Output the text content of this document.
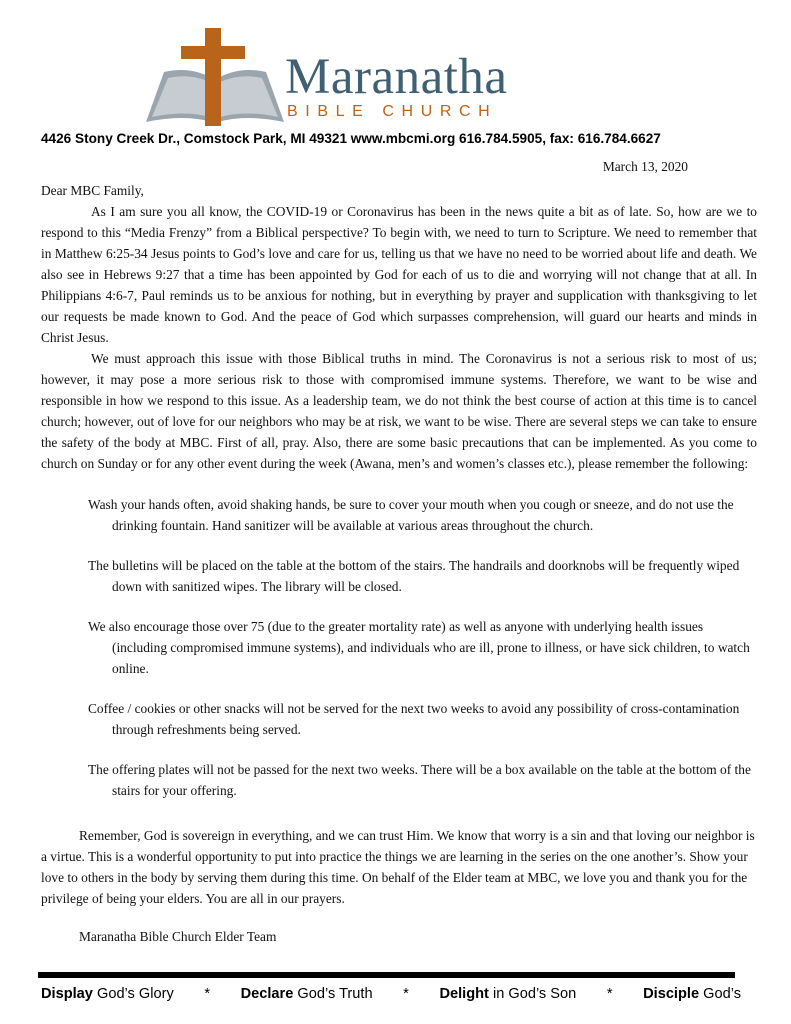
Maranatha
BIBLE CHURCH
4426 Stony Creek Dr., Comstock Park, MI 49321 www.mbcmi.org 616.784.5905, fax: 616.784.6627
March 13, 2020

Dear MBC Family,

As I am sure you all know, the COVID-19 or Coronavirus has been in the news quite a bit as of late. So, how are we to respond to this “Media Frenzy” from a Biblical perspective? To begin with, we need to turn to Scripture. We need to remember that in Matthew 6:25-34 Jesus points to God’s love and care for us, telling us that we have no need to be worried about life and death. We also see in Hebrews 9:27 that a time has been appointed by God for each of us to die and worrying will not change that at all. In Philippians 4:6-7, Paul reminds us to be anxious for nothing, but in everything by prayer and supplication with thanksgiving to let our requests be made known to God. And the peace of God which surpasses comprehension, will guard our hearts and minds in Christ Jesus.

We must approach this issue with those Biblical truths in mind. The Coronavirus is not a serious risk to most of us; however, it may pose a more serious risk to those with compromised immune systems. Therefore, we want to be wise and responsible in how we respond to this issue. As a leadership team, we do not think the best course of action at this time is to cancel church; however, out of love for our neighbors who may be at risk, we want to be wise. There are several steps we can take to ensure the safety of the body at MBC. First of all, pray. Also, there are some basic precautions that can be implemented. As you come to church on Sunday or for any other event during the week (Awana, men’s and women’s classes etc.), please remember the following:

Wash your hands often, avoid shaking hands, be sure to cover your mouth when you cough or sneeze, and do not use the drinking fountain. Hand sanitizer will be available at various areas throughout the church.
The bulletins will be placed on the table at the bottom of the stairs. The handrails and doorknobs will be frequently wiped down with sanitized wipes. The library will be closed.
We also encourage those over 75 (due to the greater mortality rate) as well as anyone with underlying health issues (including compromised immune systems), and individuals who are ill, prone to illness, or have sick children, to watch online.
Coffee / cookies or other snacks will not be served for the next two weeks to avoid any possibility of cross-contamination through refreshments being served.
The offering plates will not be passed for the next two weeks. There will be a box available on the table at the bottom of the stairs for your offering.

Remember, God is sovereign in everything, and we can trust Him. We know that worry is a sin and that loving our neighbor is a virtue. This is a wonderful opportunity to put into practice the things we are learning in the series on the one another’s. Show your love to others in the body by serving them during this time. On behalf of the Elder team at MBC, we love you and thank you for the privilege of being your elders. You are all in our prayers.

Maranatha Bible Church Elder Team
Display God’s Glory * Declare God’s Truth * Delight in God’s Son * Disciple God’s
